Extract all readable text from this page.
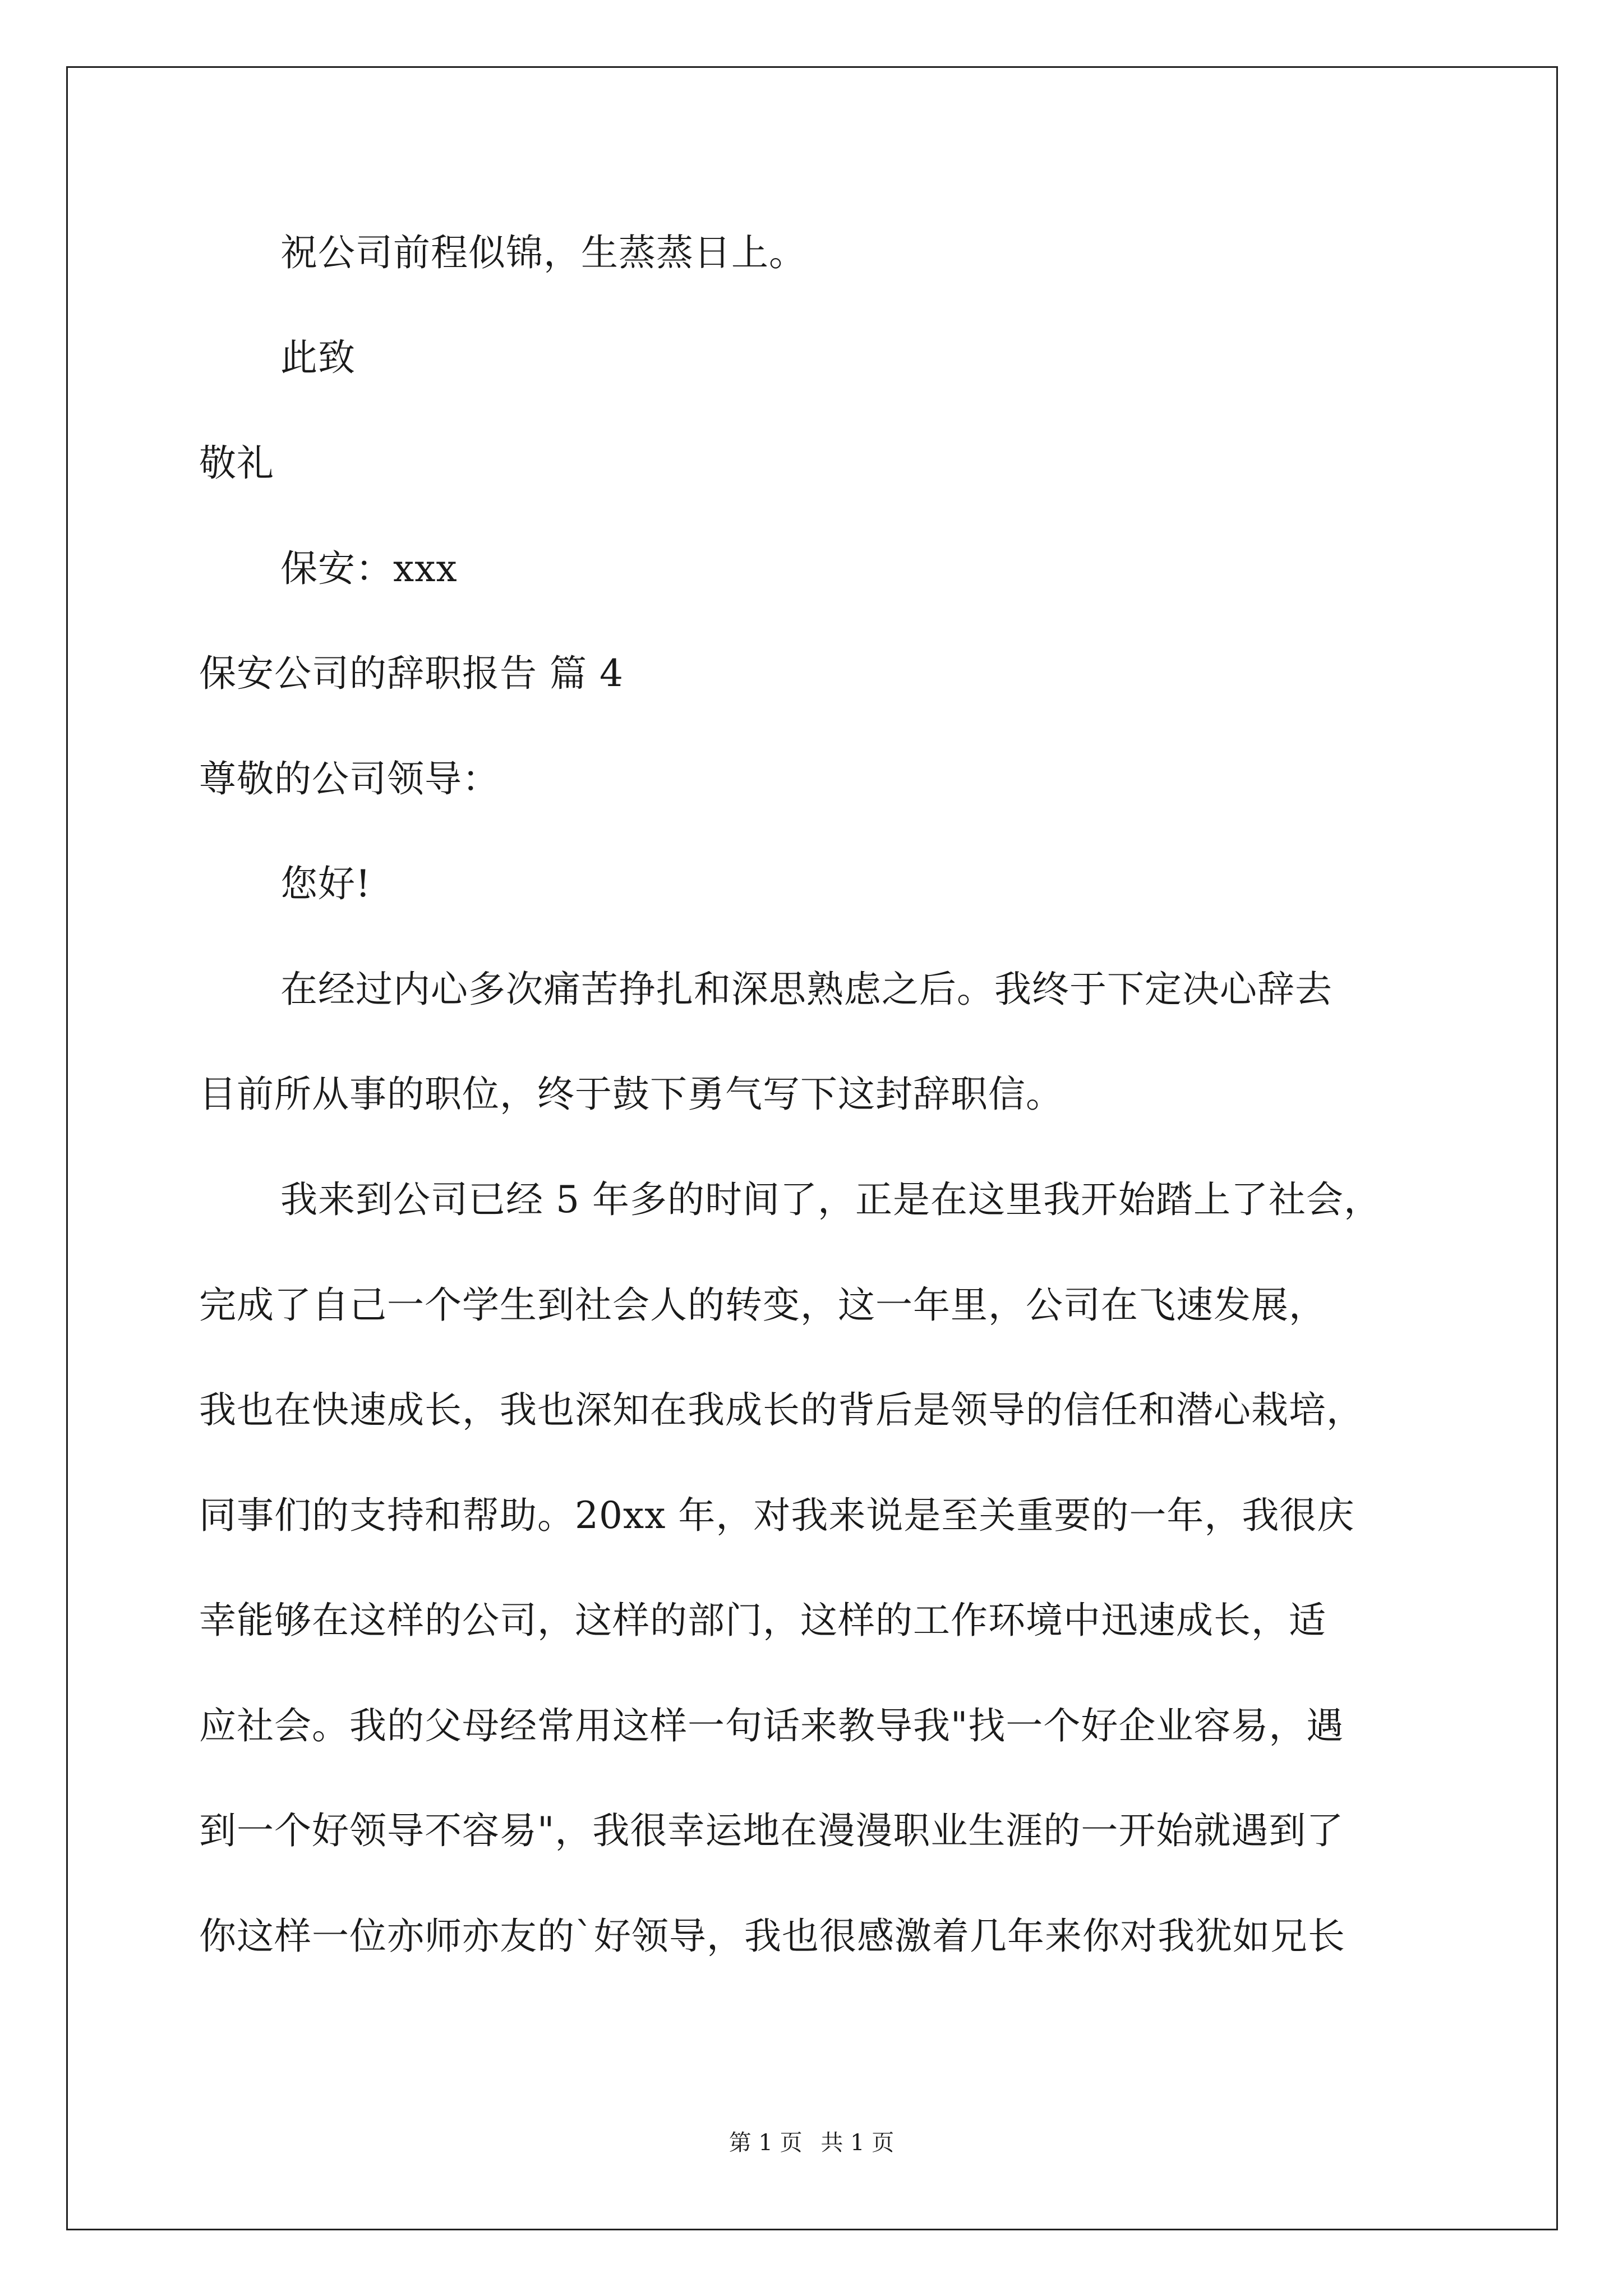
祝公司前程似锦，生蒸蒸日上。
此致
敬礼
保安：xxx
保安公司的辞职报告 篇 4
尊敬的公司领导：
您好!
在经过内心多次痛苦挣扎和深思熟虑之后。我终于下定决心辞去
目前所从事的职位，终于鼓下勇气写下这封辞职信。
我来到公司已经 5 年多的时间了，正是在这里我开始踏上了社会，
完成了自己一个学生到社会人的转变，这一年里，公司在飞速发展，
我也在快速成长，我也深知在我成长的背后是领导的信任和潜心栽培，
同事们的支持和帮助。20xx 年，对我来说是至关重要的一年，我很庆
幸能够在这样的公司，这样的部门，这样的工作环境中迅速成长，适
应社会。我的父母经常用这样一句话来教导我"找一个好企业容易，遇
到一个好领导不容易"，我很幸运地在漫漫职业生涯的一开始就遇到了
你这样一位亦师亦友的`好领导，我也很感激着几年来你对我犹如兄长
第 1 页 共 1 页
